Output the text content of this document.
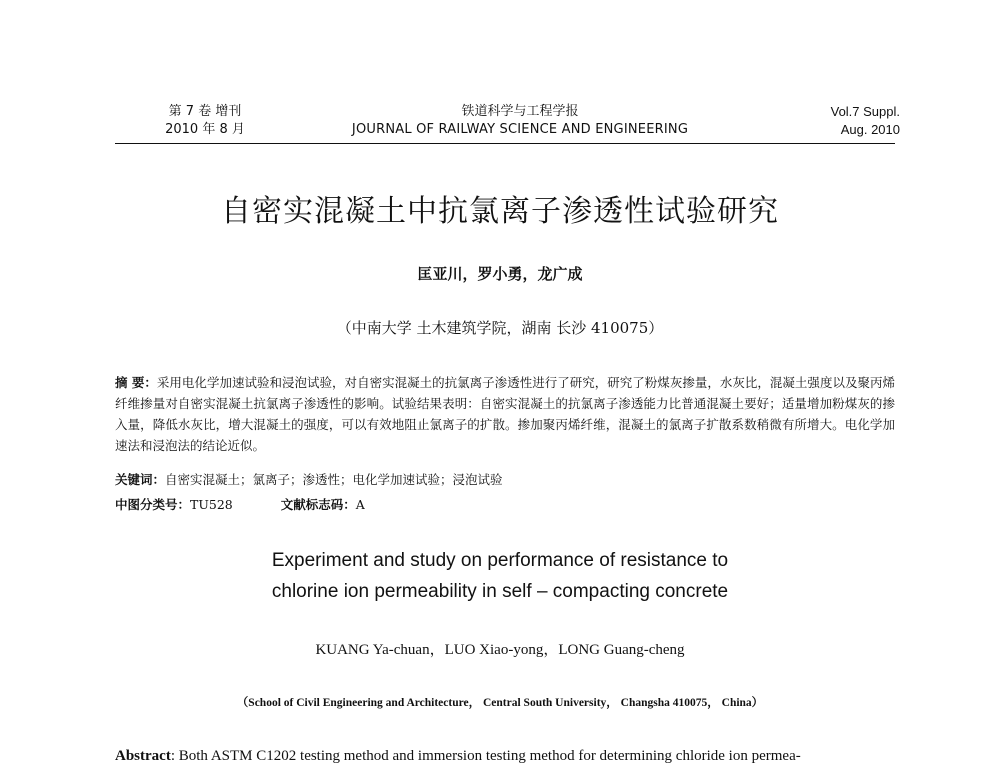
第 7 卷 增刊
2010 年 8 月
铁道科学与工程学报
JOURNAL OF RAILWAY SCIENCE AND ENGINEERING
Vol.7 Suppl.
Aug. 2010
自密实混凝土中抗氯离子渗透性试验研究
匡亚川，罗小勇，龙广成
（中南大学 土木建筑学院，湖南 长沙 410075）
摘 要：采用电化学加速试验和浸泡试验，对自密实混凝土的抗氯离子渗透性进行了研究，研究了粉煤灰掺量，水灰比，混凝土强度以及聚丙烯纤维掺量对自密实混凝土抗氯离子渗透性的影响。试验结果表明：自密实混凝土的抗氯离子渗透能力比普通混凝土要好；适量增加粉煤灰的掺入量，降低水灰比，增大混凝土的强度，可以有效地阻止氯离子的扩散。掺加聚丙烯纤维，混凝土的氯离子扩散系数稍微有所增大。电化学加速法和浸泡法的结论近似。
关键词：自密实混凝土；氯离子；渗透性；电化学加速试验；浸泡试验
中图分类号：TU528	文献标志码：A
Experiment and study on performance of resistance to
chlorine ion permeability in self – compacting concrete
KUANG Ya-chuan，LUO Xiao-yong，LONG Guang-cheng
（School of Civil Engineering and Architecture， Central South University， Changsha 410075， China）
Abstract: Both ASTM C1202 testing method and immersion testing method for determining chloride ion permea-
